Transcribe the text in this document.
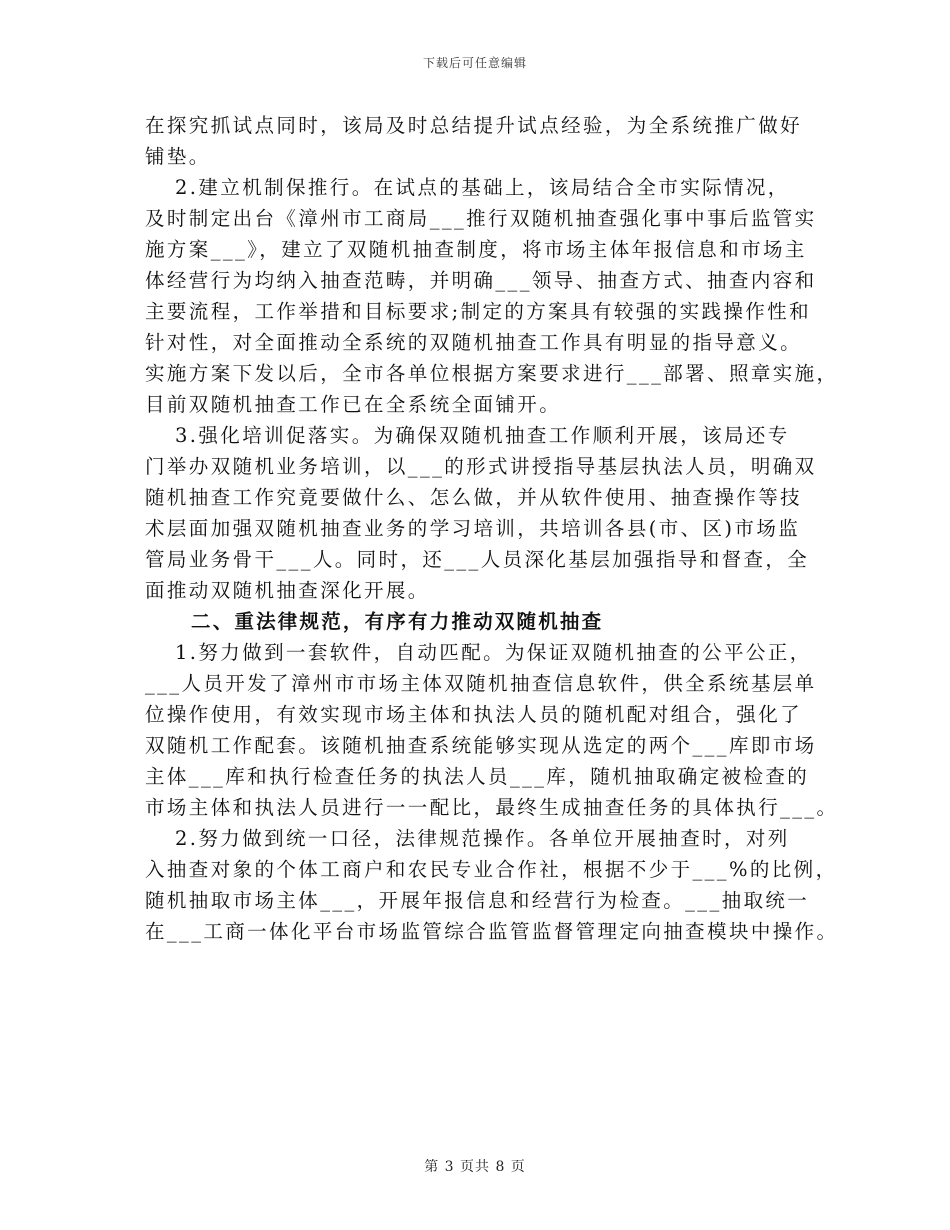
下载后可任意编辑
在探究抓试点同时，该局及时总结提升试点经验，为全系统推广做好
铺垫。
2.建立机制保推行。在试点的基础上，该局结合全市实际情况，
及时制定出台《漳州市工商局___推行双随机抽查强化事中事后监管实
施方案___》，建立了双随机抽查制度，将市场主体年报信息和市场主
体经营行为均纳入抽查范畴，并明确___领导、抽查方式、抽查内容和
主要流程，工作举措和目标要求;制定的方案具有较强的实践操作性和
针对性，对全面推动全系统的双随机抽查工作具有明显的指导意义。
实施方案下发以后，全市各单位根据方案要求进行___部署、照章实施，
目前双随机抽查工作已在全系统全面铺开。
3.强化培训促落实。为确保双随机抽查工作顺利开展，该局还专
门举办双随机业务培训，以___的形式讲授指导基层执法人员，明确双
随机抽查工作究竟要做什么、怎么做，并从软件使用、抽查操作等技
术层面加强双随机抽查业务的学习培训，共培训各县(市、区)市场监
管局业务骨干___人。同时，还___人员深化基层加强指导和督查，全
面推动双随机抽查深化开展。
二、重法律规范，有序有力推动双随机抽查
1.努力做到一套软件，自动匹配。为保证双随机抽查的公平公正，
___人员开发了漳州市市场主体双随机抽查信息软件，供全系统基层单
位操作使用，有效实现市场主体和执法人员的随机配对组合，强化了
双随机工作配套。该随机抽查系统能够实现从选定的两个___库即市场
主体___库和执行检查任务的执法人员___库，随机抽取确定被检查的
市场主体和执法人员进行一一配比，最终生成抽查任务的具体执行___。
2.努力做到统一口径，法律规范操作。各单位开展抽查时，对列
入抽查对象的个体工商户和农民专业合作社，根据不少于___%的比例，
随机抽取市场主体___，开展年报信息和经营行为检查。___抽取统一
在___工商一体化平台市场监管综合监管监督管理定向抽查模块中操作。
第 3 页共 8 页
